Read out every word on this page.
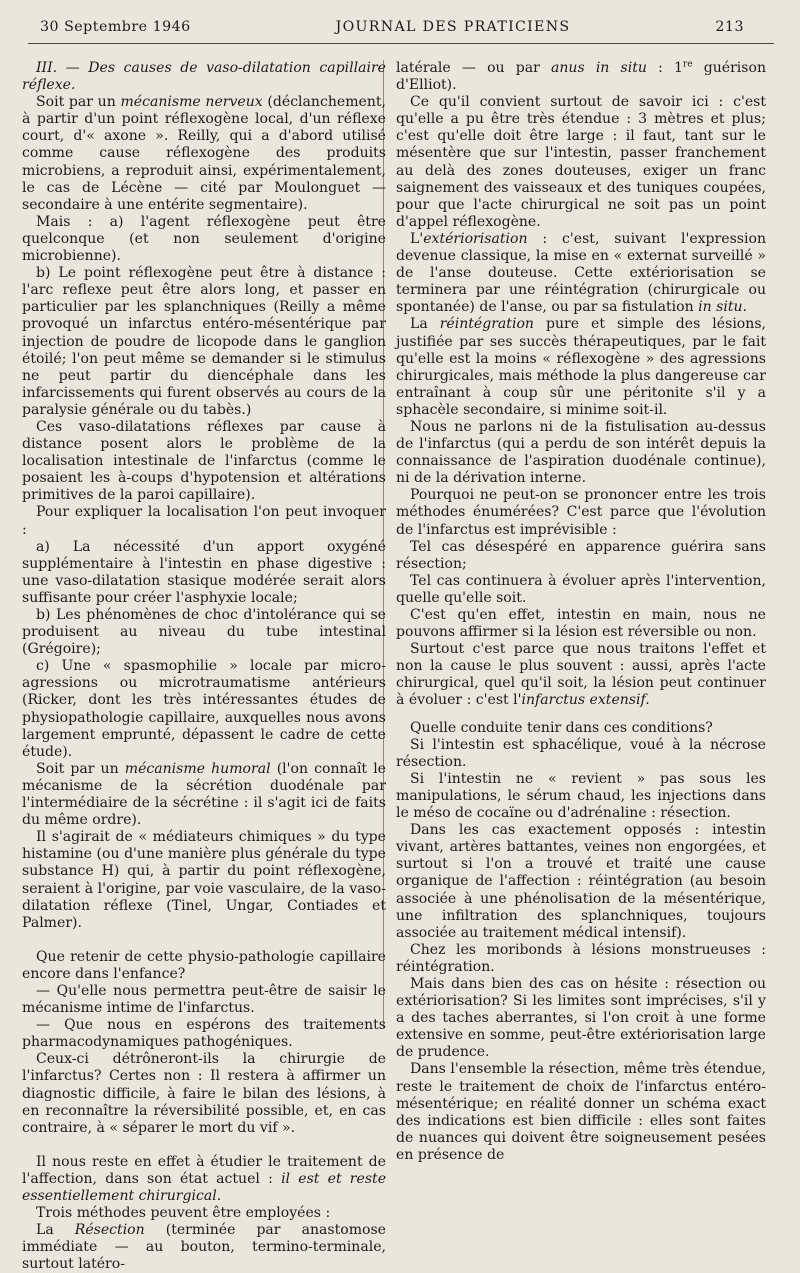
30 Septembre 1946	JOURNAL DES PRATICIENS	213

III. — Des causes de vaso-dilatation capillaire réflexe.

Soit par un mécanisme nerveux (déclanchement, à partir d'un point réflexogène local, d'un réflexe court, d'« axone ». Reilly, qui a d'abord utilisé comme cause réflexogène des produits microbiens, a reproduit ainsi, expérimentalement, le cas de Lécène — cité par Moulonguet — secondaire à une entérite segmentaire).

Mais : a) l'agent réflexogène peut être quelconque (et non seulement d'origine microbienne).

b) Le point réflexogène peut être à distance : l'arc reflexe peut être alors long, et passer en particulier par les splanchniques (Reilly a même provoqué un infarctus entéro-mésentérique par injection de poudre de licopode dans le ganglion étoilé; l'on peut même se demander si le stimulus ne peut partir du diencéphale dans les infarcissements qui furent observés au cours de la paralysie générale ou du tabès.)

Ces vaso-dilatations réflexes par cause à distance posent alors le problème de la localisation intestinale de l'infarctus (comme le posaient les à-coups d'hypotension et altérations primitives de la paroi capillaire).

Pour expliquer la localisation l'on peut invoquer :

a) La nécessité d'un apport oxygéné supplémentaire à l'intestin en phase digestive : une vaso-dilatation stasique modérée serait alors suffisante pour créer l'asphyxie locale;

b) Les phénomènes de choc d'intolérance qui se produisent au niveau du tube intestinal (Grégoire);

c) Une « spasmophilie » locale par micro-agressions ou microtraumatisme antérieurs (Ricker, dont les très intéressantes études de physiopathologie capillaire, auxquelles nous avons largement emprunté, dépassent le cadre de cette étude).

Soit par un mécanisme humoral (l'on connaît le mécanisme de la sécrétion duodénale par l'intermédiaire de la sécrétine : il s'agit ici de faits du même ordre).

Il s'agirait de « médiateurs chimiques » du type histamine (ou d'une manière plus générale du type substance H) qui, à partir du point réflexogène, seraient à l'origine, par voie vasculaire, de la vaso-dilatation réflexe (Tinel, Ungar, Contiades et Palmer).

Que retenir de cette physio-pathologie capillaire encore dans l'enfance?

— Qu'elle nous permettra peut-être de saisir le mécanisme intime de l'infarctus.

— Que nous en espérons des traitements pharmacodynamiques pathogéniques.

Ceux-ci détrôneront-ils la chirurgie de l'infarctus? Certes non : Il restera à affirmer un diagnostic difficile, à faire le bilan des lésions, à en reconnaître la réversibilité possible, et, en cas contraire, à « séparer le mort du vif ».

Il nous reste en effet à étudier le traitement de l'affection, dans son état actuel : il est et reste essentiellement chirurgical.

Trois méthodes peuvent être employées :

La Résection (terminée par anastomose immédiate — au bouton, termino-terminale, surtout latéro-

latérale — ou par anus in situ : 1re guérison d'Elliot).

Ce qu'il convient surtout de savoir ici : c'est qu'elle a pu être très étendue : 3 mètres et plus; c'est qu'elle doit être large : il faut, tant sur le mésentère que sur l'intestin, passer franchement au delà des zones douteuses, exiger un franc saignement des vaisseaux et des tuniques coupées, pour que l'acte chirurgical ne soit pas un point d'appel réflexogène.

L'extériorisation : c'est, suivant l'expression devenue classique, la mise en « externat surveillé » de l'anse douteuse. Cette extériorisation se terminera par une réintégration (chirurgicale ou spontanée) de l'anse, ou par sa fistulation in situ.

La réintégration pure et simple des lésions, justifiée par ses succès thérapeutiques, par le fait qu'elle est la moins « réflexogène » des agressions chirurgicales, mais méthode la plus dangereuse car entraînant à coup sûr une péritonite s'il y a sphacèle secondaire, si minime soit-il.

Nous ne parlons ni de la fistulisation au-dessus de l'infarctus (qui a perdu de son intérêt depuis la connaissance de l'aspiration duodénale continue), ni de la dérivation interne.

Pourquoi ne peut-on se prononcer entre les trois méthodes énumérées? C'est parce que l'évolution de l'infarctus est imprévisible :

Tel cas désespéré en apparence guérira sans résection;

Tel cas continuera à évoluer après l'intervention, quelle qu'elle soit.

C'est qu'en effet, intestin en main, nous ne pouvons affirmer si la lésion est réversible ou non.

Surtout c'est parce que nous traitons l'effet et non la cause le plus souvent : aussi, après l'acte chirurgical, quel qu'il soit, la lésion peut continuer à évoluer : c'est l'infarctus extensif.

Quelle conduite tenir dans ces conditions?

Si l'intestin est sphacélique, voué à la nécrose résection.

Si l'intestin ne « revient » pas sous les manipulations, le sérum chaud, les injections dans le méso de cocaïne ou d'adrénaline : résection.

Dans les cas exactement opposés : intestin vivant, artères battantes, veines non engorgées, et surtout si l'on a trouvé et traité une cause organique de l'affection : réintégration (au besoin associée à une phénolisation de la mésentérique, une infiltration des splanchniques, toujours associée au traitement médical intensif).

Chez les moribonds à lésions monstrueuses : réintégration.

Mais dans bien des cas on hésite : résection ou extériorisation? Si les limites sont imprécises, s'il y a des taches aberrantes, si l'on croit à une forme extensive en somme, peut-être extériorisation large de prudence.

Dans l'ensemble la résection, même très étendue, reste le traitement de choix de l'infarctus entéro-mésentérique; en réalité donner un schéma exact des indications est bien difficile : elles sont faites de nuances qui doivent être soigneusement pesées en présence de
